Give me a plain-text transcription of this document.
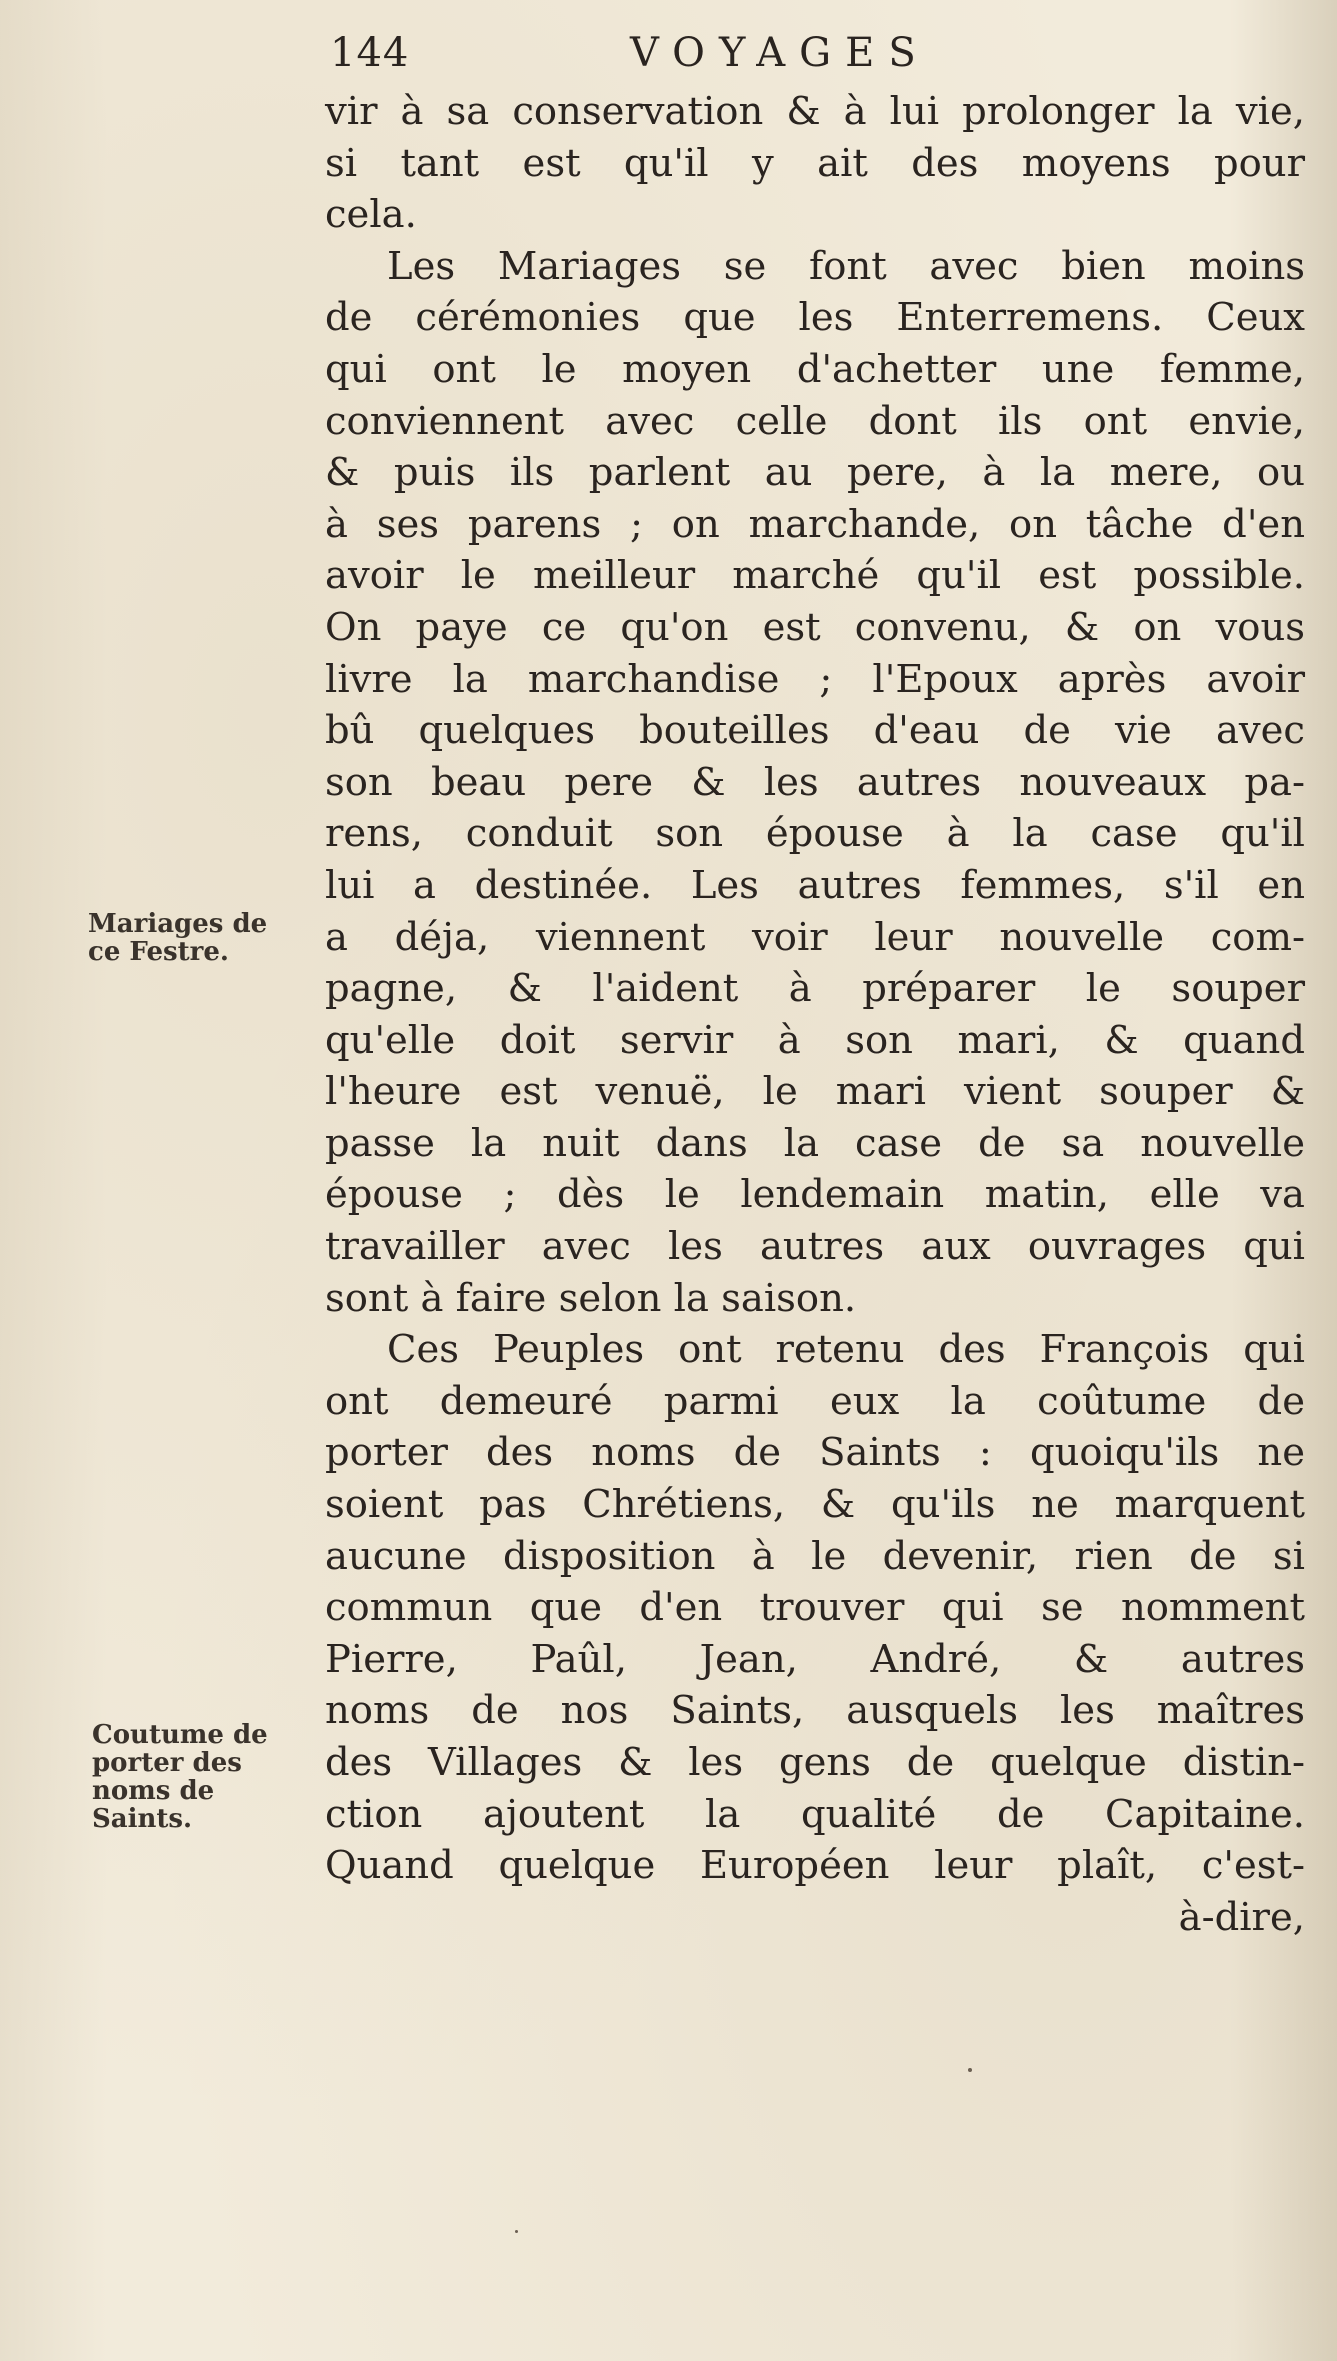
144	VOYAGES
vir à sa conservation & à lui prolonger la vie,
si tant est qu'il y ait des moyens pour
cela.
Les Mariages se font avec bien moins
de cérémonies que les Enterremens. Ceux
qui ont le moyen d'achetter une femme,
conviennent avec celle dont ils ont envie,
& puis ils parlent au pere, à la mere, ou
à ses parens ; on marchande, on tâche d'en
avoir le meilleur marché qu'il est possible.
On paye ce qu'on est convenu, & on vous
livre la marchandise ; l'Epoux après avoir
bû quelques bouteilles d'eau de vie avec
son beau pere & les autres nouveaux pa-
rens, conduit son épouse à la case qu'il
lui a destinée. Les autres femmes, s'il en
a déja, viennent voir leur nouvelle com-
pagne, & l'aident à préparer le souper
qu'elle doit servir à son mari, & quand
l'heure est venuë, le mari vient souper &
passe la nuit dans la case de sa nouvelle
épouse ; dès le lendemain matin, elle va
travailler avec les autres aux ouvrages qui
sont à faire selon la saison.
Ces Peuples ont retenu des François qui
ont demeuré parmi eux la coûtume de
porter des noms de Saints : quoiqu'ils ne
soient pas Chrétiens, & qu'ils ne marquent
aucune disposition à le devenir, rien de si
commun que d'en trouver qui se nomment
Pierre, Paûl, Jean, André, & autres
noms de nos Saints, ausquels les maîtres
des Villages & les gens de quelque distin-
ction ajoutent la qualité de Capitaine.
Quand quelque Européen leur plaît, c'est-
à-dire,
Mariages de
ce Festre.
Coutume de
porter des
noms de
Saints.
